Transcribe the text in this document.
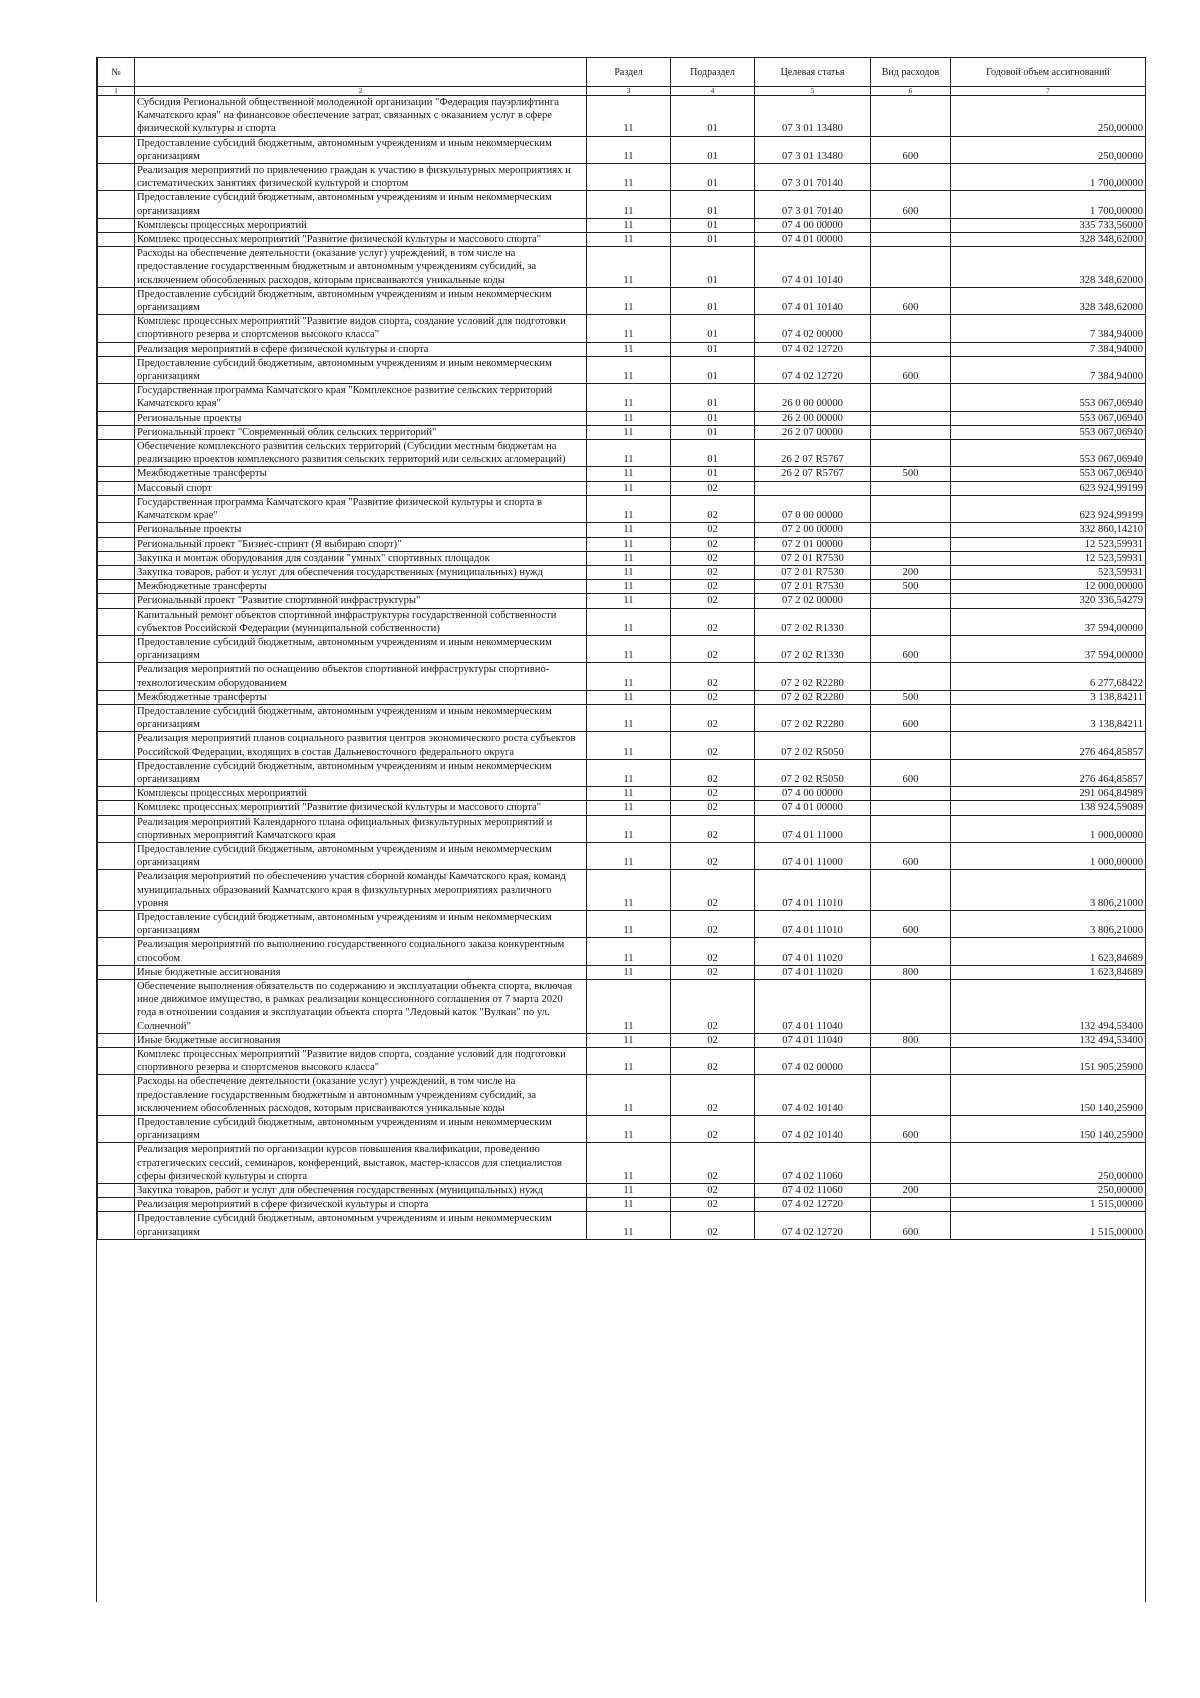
№		Раздел	Подраздел	Целевая статья	Вид расходов	Годовой объем ассигнований
1	2	3	4	5	6	7
	Субсидия Региональной общественной молодежной организации "Федерация пауэрлифтинга Камчатского края" на финансовое обеспечение затрат, связанных с оказанием услуг в сфере физической культуры и спорта	11	01	07 3 01 13480		250,00000
	Предоставление субсидий бюджетным, автономным учреждениям и иным некоммерческим организациям	11	01	07 3 01 13480	600	250,00000
	Реализация мероприятий по привлечению граждан к участию в физкультурных мероприятиях и систематических занятиях физической культурой и спортом	11	01	07 3 01 70140		1 700,00000
	Предоставление субсидий бюджетным, автономным учреждениям и иным некоммерческим организациям	11	01	07 3 01 70140	600	1 700,00000
	Комплексы процессных мероприятий	11	01	07 4 00 00000		335 733,56000
	Комплекс процессных мероприятий "Развитие физической культуры и массового спорта"	11	01	07 4 01 00000		328 348,62000
	Расходы на обеспечение деятельности (оказание услуг) учреждений, в том числе на предоставление государственным бюджетным и автономным учреждениям субсидий, за исключением обособленных расходов, которым присваиваются уникальные коды	11	01	07 4 01 10140		328 348,62000
	Предоставление субсидий бюджетным, автономным учреждениям и иным некоммерческим организациям	11	01	07 4 01 10140	600	328 348,62000
	Комплекс процессных мероприятий "Развитие видов спорта, создание условий для подготовки спортивного резерва и спортсменов высокого класса"	11	01	07 4 02 00000		7 384,94000
	Реализация мероприятий в сфере физической культуры и спорта	11	01	07 4 02 12720		7 384,94000
	Предоставление субсидий бюджетным, автономным учреждениям и иным некоммерческим организациям	11	01	07 4 02 12720	600	7 384,94000
	Государственная программа Камчатского края "Комплексное развитие сельских территорий Камчатского края"	11	01	26 0 00 00000		553 067,06940
	Региональные проекты	11	01	26 2 00 00000		553 067,06940
	Региональный проект "Современный облик сельских территорий"	11	01	26 2 07 00000		553 067,06940
	Обеспечение комплексного развития сельских территорий (Субсидии местным бюджетам на реализацию проектов комплексного развития сельских территорий или сельских агломераций)	11	01	26 2 07 R5767		553 067,06940
	Межбюджетные трансферты	11	01	26 2 07 R5767	500	553 067,06940
	Массовый спорт	11	02			623 924,99199
	Государственная программа Камчатского края "Развитие физической культуры и спорта в Камчатском крае"	11	02	07 0 00 00000		623 924,99199
	Региональные проекты	11	02	07 2 00 00000		332 860,14210
	Региональный проект "Бизнес-спринт (Я выбираю спорт)"	11	02	07 2 01 00000		12 523,59931
	Закупка и монтаж оборудования для создания "умных" спортивных площадок	11	02	07 2 01 R7530		12 523,59931
	Закупка товаров, работ и услуг для обеспечения государственных (муниципальных) нужд	11	02	07 2 01 R7530	200	523,59931
	Межбюджетные трансферты	11	02	07 2 01 R7530	500	12 000,00000
	Региональный проект "Развитие спортивной инфраструктуры"	11	02	07 2 02 00000		320 336,54279
	Капитальный ремонт объектов спортивной инфраструктуры государственной собственности субъектов Российской Федерации (муниципальной собственности)	11	02	07 2 02 R1330		37 594,00000
	Предоставление субсидий бюджетным, автономным учреждениям и иным некоммерческим организациям	11	02	07 2 02 R1330	600	37 594,00000
	Реализация мероприятий по оснащению объектов спортивной инфраструктуры спортивно-технологическим оборудованием	11	02	07 2 02 R2280		6 277,68422
	Межбюджетные трансферты	11	02	07 2 02 R2280	500	3 138,84211
	Предоставление субсидий бюджетным, автономным учреждениям и иным некоммерческим организациям	11	02	07 2 02 R2280	600	3 138,84211
	Реализация мероприятий планов социального развития центров экономического роста субъектов Российской Федерации, входящих в состав Дальневосточного федерального округа	11	02	07 2 02 R5050		276 464,85857
	Предоставление субсидий бюджетным, автономным учреждениям и иным некоммерческим организациям	11	02	07 2 02 R5050	600	276 464,85857
	Комплексы процессных мероприятий	11	02	07 4 00 00000		291 064,84989
	Комплекс процессных мероприятий "Развитие физической культуры и массового спорта"	11	02	07 4 01 00000		138 924,59089
	Реализация мероприятий Календарного плана официальных физкультурных мероприятий и спортивных мероприятий Камчатского края	11	02	07 4 01 11000		1 000,00000
	Предоставление субсидий бюджетным, автономным учреждениям и иным некоммерческим организациям	11	02	07 4 01 11000	600	1 000,00000
	Реализация мероприятий по обеспечению участия сборной команды Камчатского края, команд муниципальных образований Камчатского края в физкультурных мероприятиях различного уровня	11	02	07 4 01 11010		3 806,21000
	Предоставление субсидий бюджетным, автономным учреждениям и иным некоммерческим организациям	11	02	07 4 01 11010	600	3 806,21000
	Реализация мероприятий по выполнению государственного социального заказа конкурентным способом	11	02	07 4 01 11020		1 623,84689
	Иные бюджетные ассигнования	11	02	07 4 01 11020	800	1 623,84689
	Обеспечение выполнения обязательств по содержанию и эксплуатации объекта спорта, включая иное движимое имущество, в рамках реализации концессионного соглашения от 7 марта 2020 года в отношении создания и эксплуатации объекта спорта "Ледовый каток "Вулкан" по ул. Солнечной"	11	02	07 4 01 11040		132 494,53400
	Иные бюджетные ассигнования	11	02	07 4 01 11040	800	132 494,53400
	Комплекс процессных мероприятий "Развитие видов спорта, создание условий для подготовки спортивного резерва и спортсменов высокого класса"	11	02	07 4 02 00000		151 905,25900
	Расходы на обеспечение деятельности (оказание услуг) учреждений, в том числе на предоставление государственным бюджетным и автономным учреждениям субсидий, за исключением обособленных расходов, которым присваиваются уникальные коды	11	02	07 4 02 10140		150 140,25900
	Предоставление субсидий бюджетным, автономным учреждениям и иным некоммерческим организациям	11	02	07 4 02 10140	600	150 140,25900
	Реализация мероприятий по организации курсов повышения квалификации, проведению стратегических сессий, семинаров, конференций, выставок, мастер-классов для специалистов сферы физической культуры и спорта	11	02	07 4 02 11060		250,00000
	Закупка товаров, работ и услуг для обеспечения государственных (муниципальных) нужд	11	02	07 4 02 11060	200	250,00000
	Реализация мероприятий в сфере физической культуры и спорта	11	02	07 4 02 12720		1 515,00000
	Предоставление субсидий бюджетным, автономным учреждениям и иным некоммерческим организациям	11	02	07 4 02 12720	600	1 515,00000
